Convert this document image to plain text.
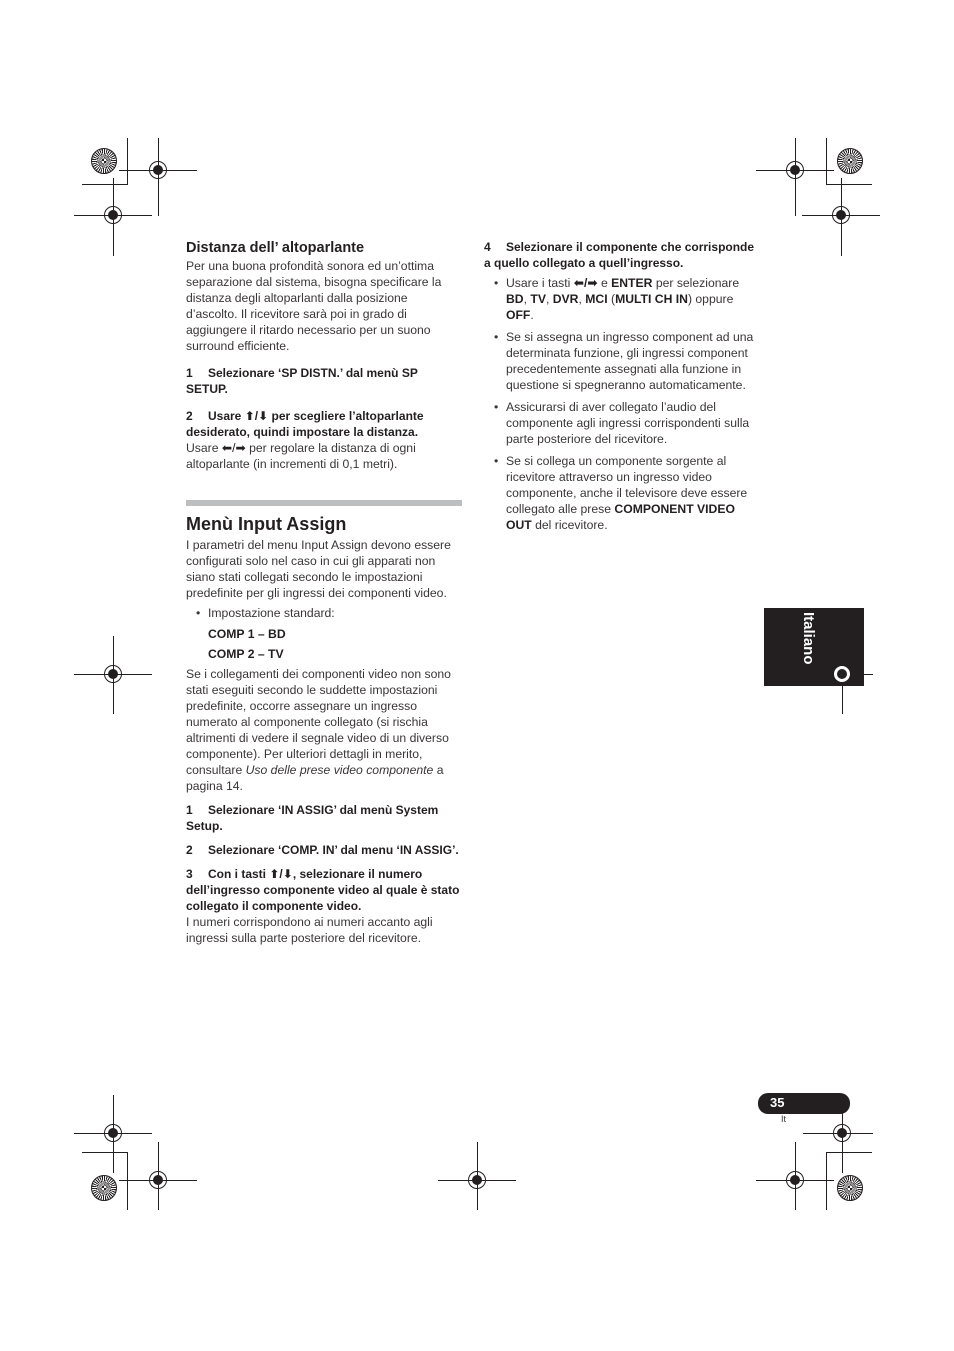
Distanza dell’ altoparlante

Per una buona profondità sonora ed un’ottima separazione dal sistema, bisogna specificare la distanza degli altoparlanti dalla posizione d’ascolto. Il ricevitore sarà poi in grado di aggiungere il ritardo necessario per un suono surround efficiente.

1 Selezionare ‘SP DISTN.’ dal menù SP SETUP.
2 Usare ⬆/⬇ per scegliere l’altoparlante desiderato, quindi impostare la distanza.

Usare ⬅/➡ per regolare la distanza di ogni altoparlante (in incrementi di 0,1 metri).

Menù Input Assign

I parametri del menu Input Assign devono essere configurati solo nel caso in cui gli apparati non siano stati collegati secondo le impostazioni predefinite per gli ingressi dei componenti video.

• Impostazione standard:
COMP 1 – BD
COMP 2 – TV

Se i collegamenti dei componenti video non sono stati eseguiti secondo le suddette impostazioni predefinite, occorre assegnare un ingresso numerato al componente collegato (si rischia altrimenti di vedere il segnale video di un diverso componente). Per ulteriori dettagli in merito, consultare Uso delle prese video componente a pagina 14.

1 Selezionare ‘IN ASSIG’ dal menù System Setup.
2 Selezionare ‘COMP. IN’ dal menu ‘IN ASSIG’.
3 Con i tasti ⬆/⬇, selezionare il numero dell’ingresso componente video al quale è stato collegato il componente video.

I numeri corrispondono ai numeri accanto agli ingressi sulla parte posteriore del ricevitore.

4 Selezionare il componente che corrisponde a quello collegato a quell’ingresso.
• Usare i tasti ⬅/➡ e ENTER per selezionare BD, TV, DVR, MCI (MULTI CH IN) oppure OFF.
• Se si assegna un ingresso component ad una determinata funzione, gli ingressi component precedentemente assegnati alla funzione in questione si spegneranno automaticamente.
• Assicurarsi di aver collegato l’audio del componente agli ingressi corrispondenti sulla parte posteriore del ricevitore.
• Se si collega un componente sorgente al ricevitore attraverso un ingresso video componente, anche il televisore deve essere collegato alle prese COMPONENT VIDEO OUT del ricevitore.
Italiano
35
It
